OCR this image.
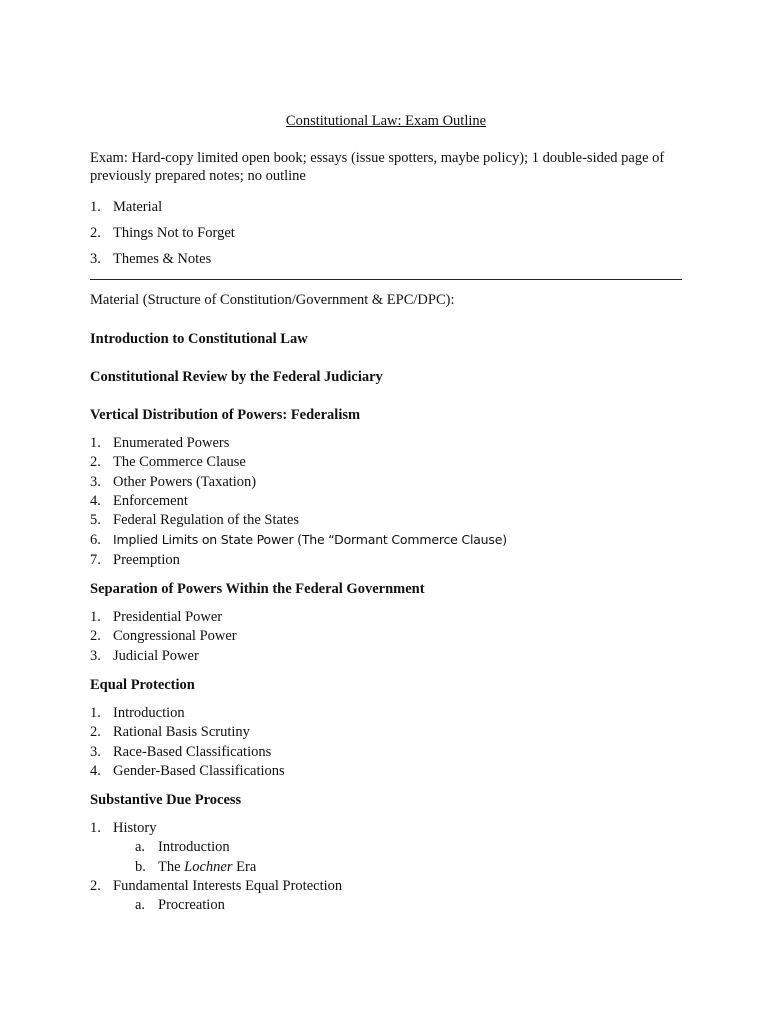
Constitutional Law: Exam Outline

Exam: Hard-copy limited open book; essays (issue spotters, maybe policy); 1 double-sided page of previously prepared notes; no outline

1. Material
2. Things Not to Forget
3. Themes & Notes

Material (Structure of Constitution/Government & EPC/DPC):

Introduction to Constitutional Law

Constitutional Review by the Federal Judiciary

Vertical Distribution of Powers: Federalism

1. Enumerated Powers
2. The Commerce Clause
3. Other Powers (Taxation)
4. Enforcement
5. Federal Regulation of the States
6. Implied Limits on State Power (The “Dormant Commerce Clause)
7. Preemption

Separation of Powers Within the Federal Government

1. Presidential Power
2. Congressional Power
3. Judicial Power

Equal Protection

1. Introduction
2. Rational Basis Scrutiny
3. Race-Based Classifications
4. Gender-Based Classifications

Substantive Due Process

1. History
a. Introduction
b. The Lochner Era
2. Fundamental Interests Equal Protection
a. Procreation
